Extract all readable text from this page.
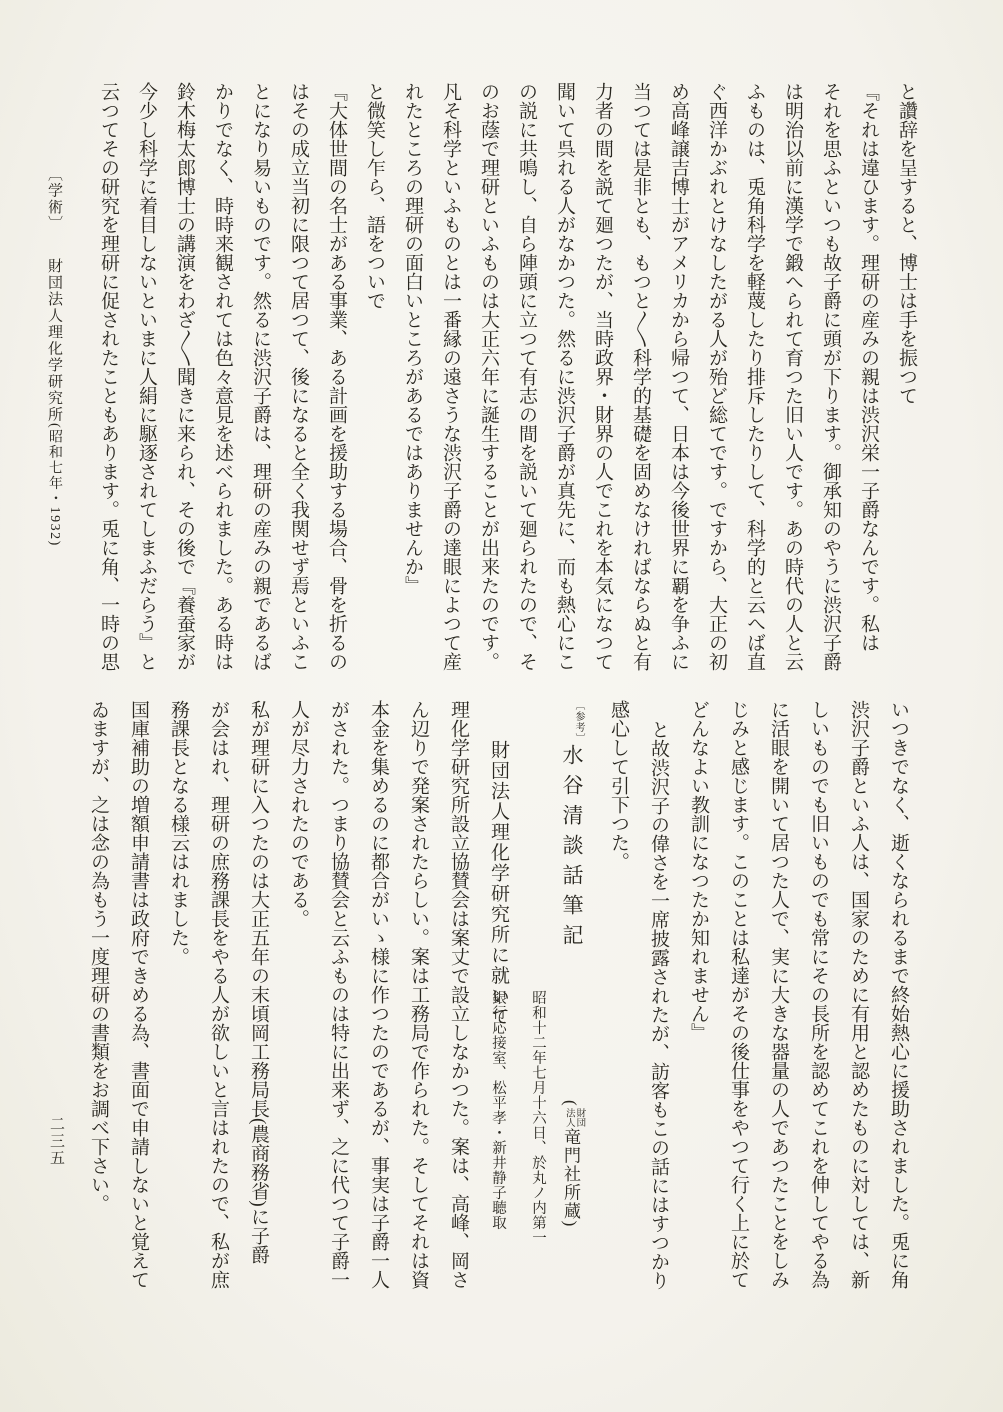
と讚辞を呈すると、博士は手を振つて
『それは違ひます。理研の産みの親は渋沢栄一子爵なんです。私は
それを思ふといつも故子爵に頭が下ります。御承知のやうに渋沢子爵
は明治以前に漢学で鍛へられて育つた旧い人です。あの時代の人と云
ふものは、兎角科学を軽蔑したり排斥したりして、科学的と云へば直
ぐ西洋かぶれとけなしたがる人が殆ど総てです。ですから、大正の初
め高峰譲吉博士がアメリカから帰つて、日本は今後世界に覇を争ふに
当つては是非とも、もつと〱科学的基礎を固めなければならぬと有
力者の間を説て廻つたが、当時政界・財界の人でこれを本気になつて
聞いて呉れる人がなかつた。然るに渋沢子爵が真先に、而も熱心にこ
の説に共鳴し、自ら陣頭に立つて有志の間を説いて廻られたので、そ
のお蔭で理研といふものは大正六年に誕生することが出来たのです。
凡そ科学といふものとは一番縁の遠さうな渋沢子爵の達眼によつて産
れたところの理研の面白いところがあるではありませんか』
と微笑し乍ら、語をついで
『大体世間の名士がある事業、ある計画を援助する場合、骨を折るの
はその成立当初に限つて居つて、後になると全く我関せず焉といふこ
とになり易いものです。然るに渋沢子爵は、理研の産みの親であるば
かりでなく、時時来観されては色々意見を述べられました。ある時は
鈴木梅太郎博士の講演をわざ〱聞きに来られ、その後で『養蚕家が
今少し科学に着目しないといまに人絹に駆逐されてしまふだらう』と
云つてその研究を理研に促されたこともあります。兎に角、一時の思
いつきでなく、逝くなられるまで終始熱心に援助されました。兎に角
渋沢子爵といふ人は、国家のために有用と認めたものに対しては、新
しいものでも旧いものでも常にその長所を認めてこれを伸してやる為
に活眼を開いて居つた人で、実に大きな器量の人であつたことをしみ
じみと感じます。このことは私達がその後仕事をやつて行く上に於て
どんなよい教訓になつたか知れません』
と故渋沢子の偉さを一席披露されたが、訪客もこの話にはすつかり
感心して引下つた。
$^{〔参考〕}$水谷清談話筆記
昭和十二年七月十六日、於丸ノ内第一
銀行応接室、松平孝・新井静子聴取
財団法人理化学研究所に就いて
理化学研究所設立協賛会は案丈で設立しなかつた。案は、高峰、岡さ
ん辺りで発案されたらしい。案は工務局で作られた。そしてそれは資
本金を集めるのに都合がいゝ様に作つたのであるが、事実は子爵一人
がされた。つまり協賛会と云ふものは特に出来ず、之に代つて子爵一
人が尽力されたのである。
私が理研に入つたのは大正五年の末頃岡工務局長(農商務省)に子爵
が会はれ、理研の庶務課長をやる人が欲しいと言はれたので、私が庶
務課長となる様云はれました。
国庫補助の増額申請書は政府できめる為、書面で申請しないと覚えて
ゐますが、之は念の為もう一度理研の書類をお調べ下さい。	(
財団
法人
竜門社所蔵)
〔学術〕財団法人理化学研究所(昭和七年・1932)
二三五
